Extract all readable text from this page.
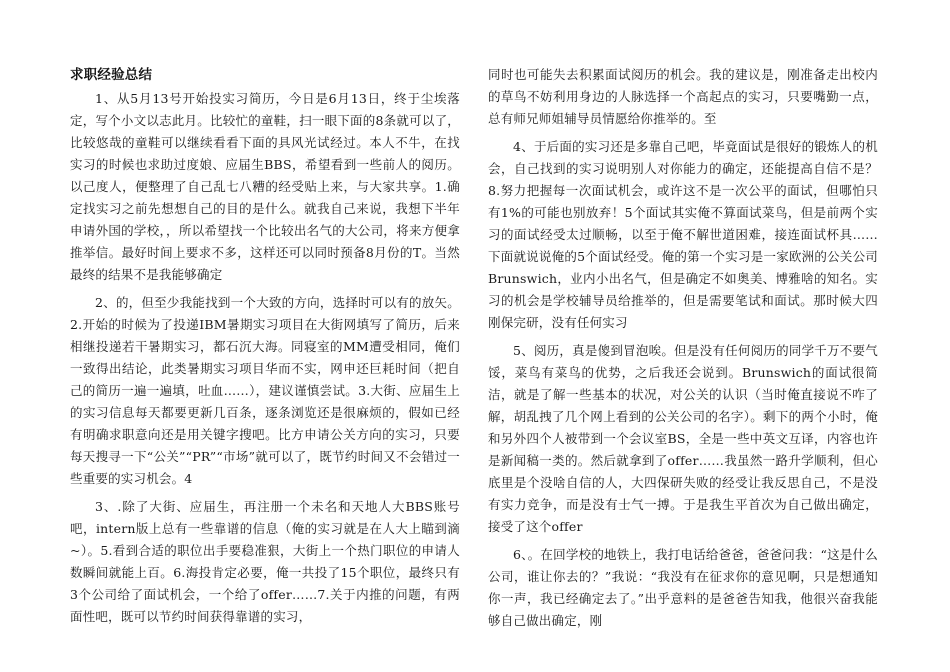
求职经验总结

1、从5月13号开始投实习简历，今日是6月13日，终于尘埃落定，写个小文以志此月。比较忙的童鞋，扫一眼下面的8条就可以了，比较悠哉的童鞋可以继续看看下面的具风光试经过。本人不牛，在找实习的时候也求助过度娘、应届生BBS，希望看到一些前人的阅历。以己度人，便整理了自己乱七八糟的经受贴上来，与大家共享。1.确定找实习之前先想想自己的目的是什么。就我自己来说，我想下半年申请外国的学校，，所以希望找一个比较出名气的大公司，将来方便拿推举信。最好时间上要求不多，这样还可以同时预备8月份的T。当然最终的结果不是我能够确定

2、的，但至少我能找到一个大致的方向，选择时可以有的放矢。2.开始的时候为了投递IBM暑期实习项目在大街网填写了简历，后来相继投递若干暑期实习，都石沉大海。同寝室的MM遭受相同，俺们一致得出结论，此类暑期实习项目华而不实，网申还巨耗时间（把自己的简历一遍一遍填，吐血……），建议谨慎尝试。3.大街、应届生上的实习信息每天都要更新几百条，逐条浏览还是很麻烦的，假如已经有明确求职意向还是用关键字搜吧。比方申请公关方向的实习，只要每天搜寻一下“公关”“PR”“市场”就可以了，既节约时间又不会错过一些重要的实习机会。4

3、.除了大街、应届生，再注册一个未名和天地人大BBS账号吧，intern版上总有一些靠谱的信息（俺的实习就是在人大上瞄到滴~）。5.看到合适的职位出手要稳准狠，大街上一个热门职位的申请人数瞬间就能上百。6.海投肯定必要，俺一共投了15个职位，最终只有3个公司给了面试机会，一个给了offer……7.关于内推的问题，有两面性吧，既可以节约时间获得靠谱的实习，

同时也可能失去积累面试阅历的机会。我的建议是，刚准备走出校内的草鸟不妨利用身边的人脉选择一个高起点的实习，只要嘴勤一点，总有师兄师姐辅导员情愿给你推举的。至

4、于后面的实习还是多靠自己吧，毕竟面试是很好的锻炼人的机会，自己找到的实习说明别人对你能力的确定，还能提高自信不是？8.努力把握每一次面试机会，或许这不是一次公平的面试，但哪怕只有1%的可能也别放弃！5个面试其实俺不算面试菜鸟，但是前两个实习的面试经受太过顺畅，以至于俺不解世道困难，接连面试杯具……下面就说说俺的5个面试经受。俺的第一个实习是一家欧洲的公关公司Brunswich，业内小出名气，但是确定不如奥美、博雅啥的知名。实习的机会是学校辅导员给推举的，但是需要笔试和面试。那时候大四刚保完研，没有任何实习

5、阅历，真是傻到冒泡唉。但是没有任何阅历的同学千万不要气馁，菜鸟有菜鸟的优势，之后我还会说到。Brunswich的面试很简洁，就是了解一些基本的状况，对公关的认识（当时俺直接说不咋了解，胡乱拽了几个网上看到的公关公司的名字）。剩下的两个小时，俺和另外四个人被带到一个会议室BS，全是一些中英文互译，内容也许是新闻稿一类的。然后就拿到了offer……我虽然一路升学顺利，但心底里是个没啥自信的人，大四保研失败的经受让我反思自己，不是没有实力竞争，而是没有士气一搏。于是我生平首次为自己做出确定，接受了这个offer

6、。在回学校的地铁上，我打电话给爸爸，爸爸问我：“这是什么公司，谁让你去的？”我说：“我没有在征求你的意见啊，只是想通知你一声，我已经确定去了。”出乎意料的是爸爸告知我，他很兴奋我能够自己做出确定，刚
